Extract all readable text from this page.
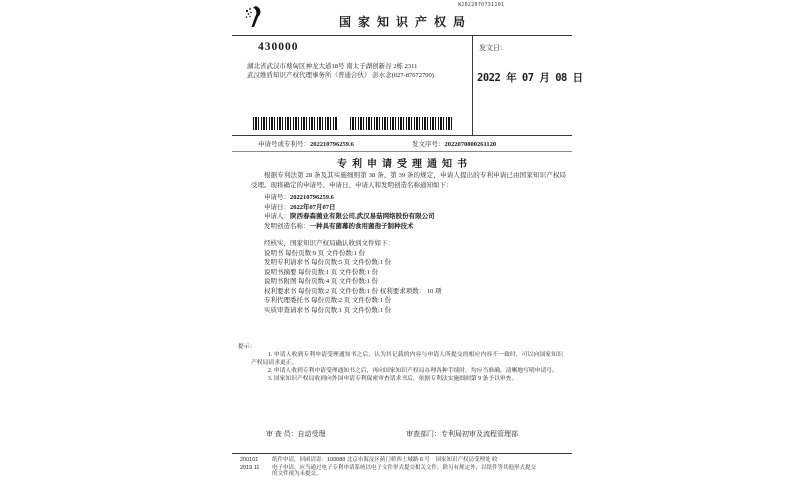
国家知识产权局
W2022070731101
430000
湖北省武汉市蔡甸区神龙大道18号 南太子湖创新谷 2栋 2311
武汉维盾知识产权代理事务所（普通合伙） 彭水念(027-87672700)
发文日：
2022 年 07 月 08 日
申请号或专利号：202210796259.6	发文序号：2022070800261120
专利申请受理通知书
根据专利法第 28 条及其实施细则第 38 条、第 39 条的规定，申请人提出的专利申请已由国家知识产权局受理。现将确定的申请号、申请日、申请人和发明创造名称通知如下：
申请号：202210796259.6
申请日：2022年07月07日
申请人：陕西春森菌业有限公司,武汉易菇网络股份有限公司
发明创造名称：一种具有菌幕的食用菌孢子制种技术
经核实，国家知识产权局确认收到文件如下：
说明书 每份页数:9 页 文件份数:1 份
发明专利请求书 每份页数:5 页 文件份数:1 份
说明书摘要 每份页数:1 页 文件份数:1 份
说明书附图 每份页数:4 页 文件份数:1 份
权利要求书 每份页数:2 页 文件份数:1 份 权利要求项数： 10 项
专利代理委托书 每份页数:2 页 文件份数:1 份
实质审查请求书 每份页数:1 页 文件份数:1 份
提示：
1. 申请人收到专利申请受理通知书之后，认为其记载的内容与申请人所提交的相应内容不一致时，可以向国家知识产权局请求更正。
2. 申请人收到专利申请受理通知书之后，再向国家知识产权局办理各种手续时，均应当准确、清晰地写明申请号。
3. 国家知识产权局收到向外国申请专利保密审查请求书后，依据专利法实施细则第 9 条予以审查。
审 查 员：自动受理	审查部门：专利局初审及流程管理部
200101	纸件申请，回函请寄：100088 北京市海淀区蓟门桥西土城路 6 号　国家知识产权局受理处 收
2019.11	电子申请，应当通过电子专利申请系统以电子文件形式提交相关文件。除另有规定外，以纸件等其他形式提交的文件视为未提交。
